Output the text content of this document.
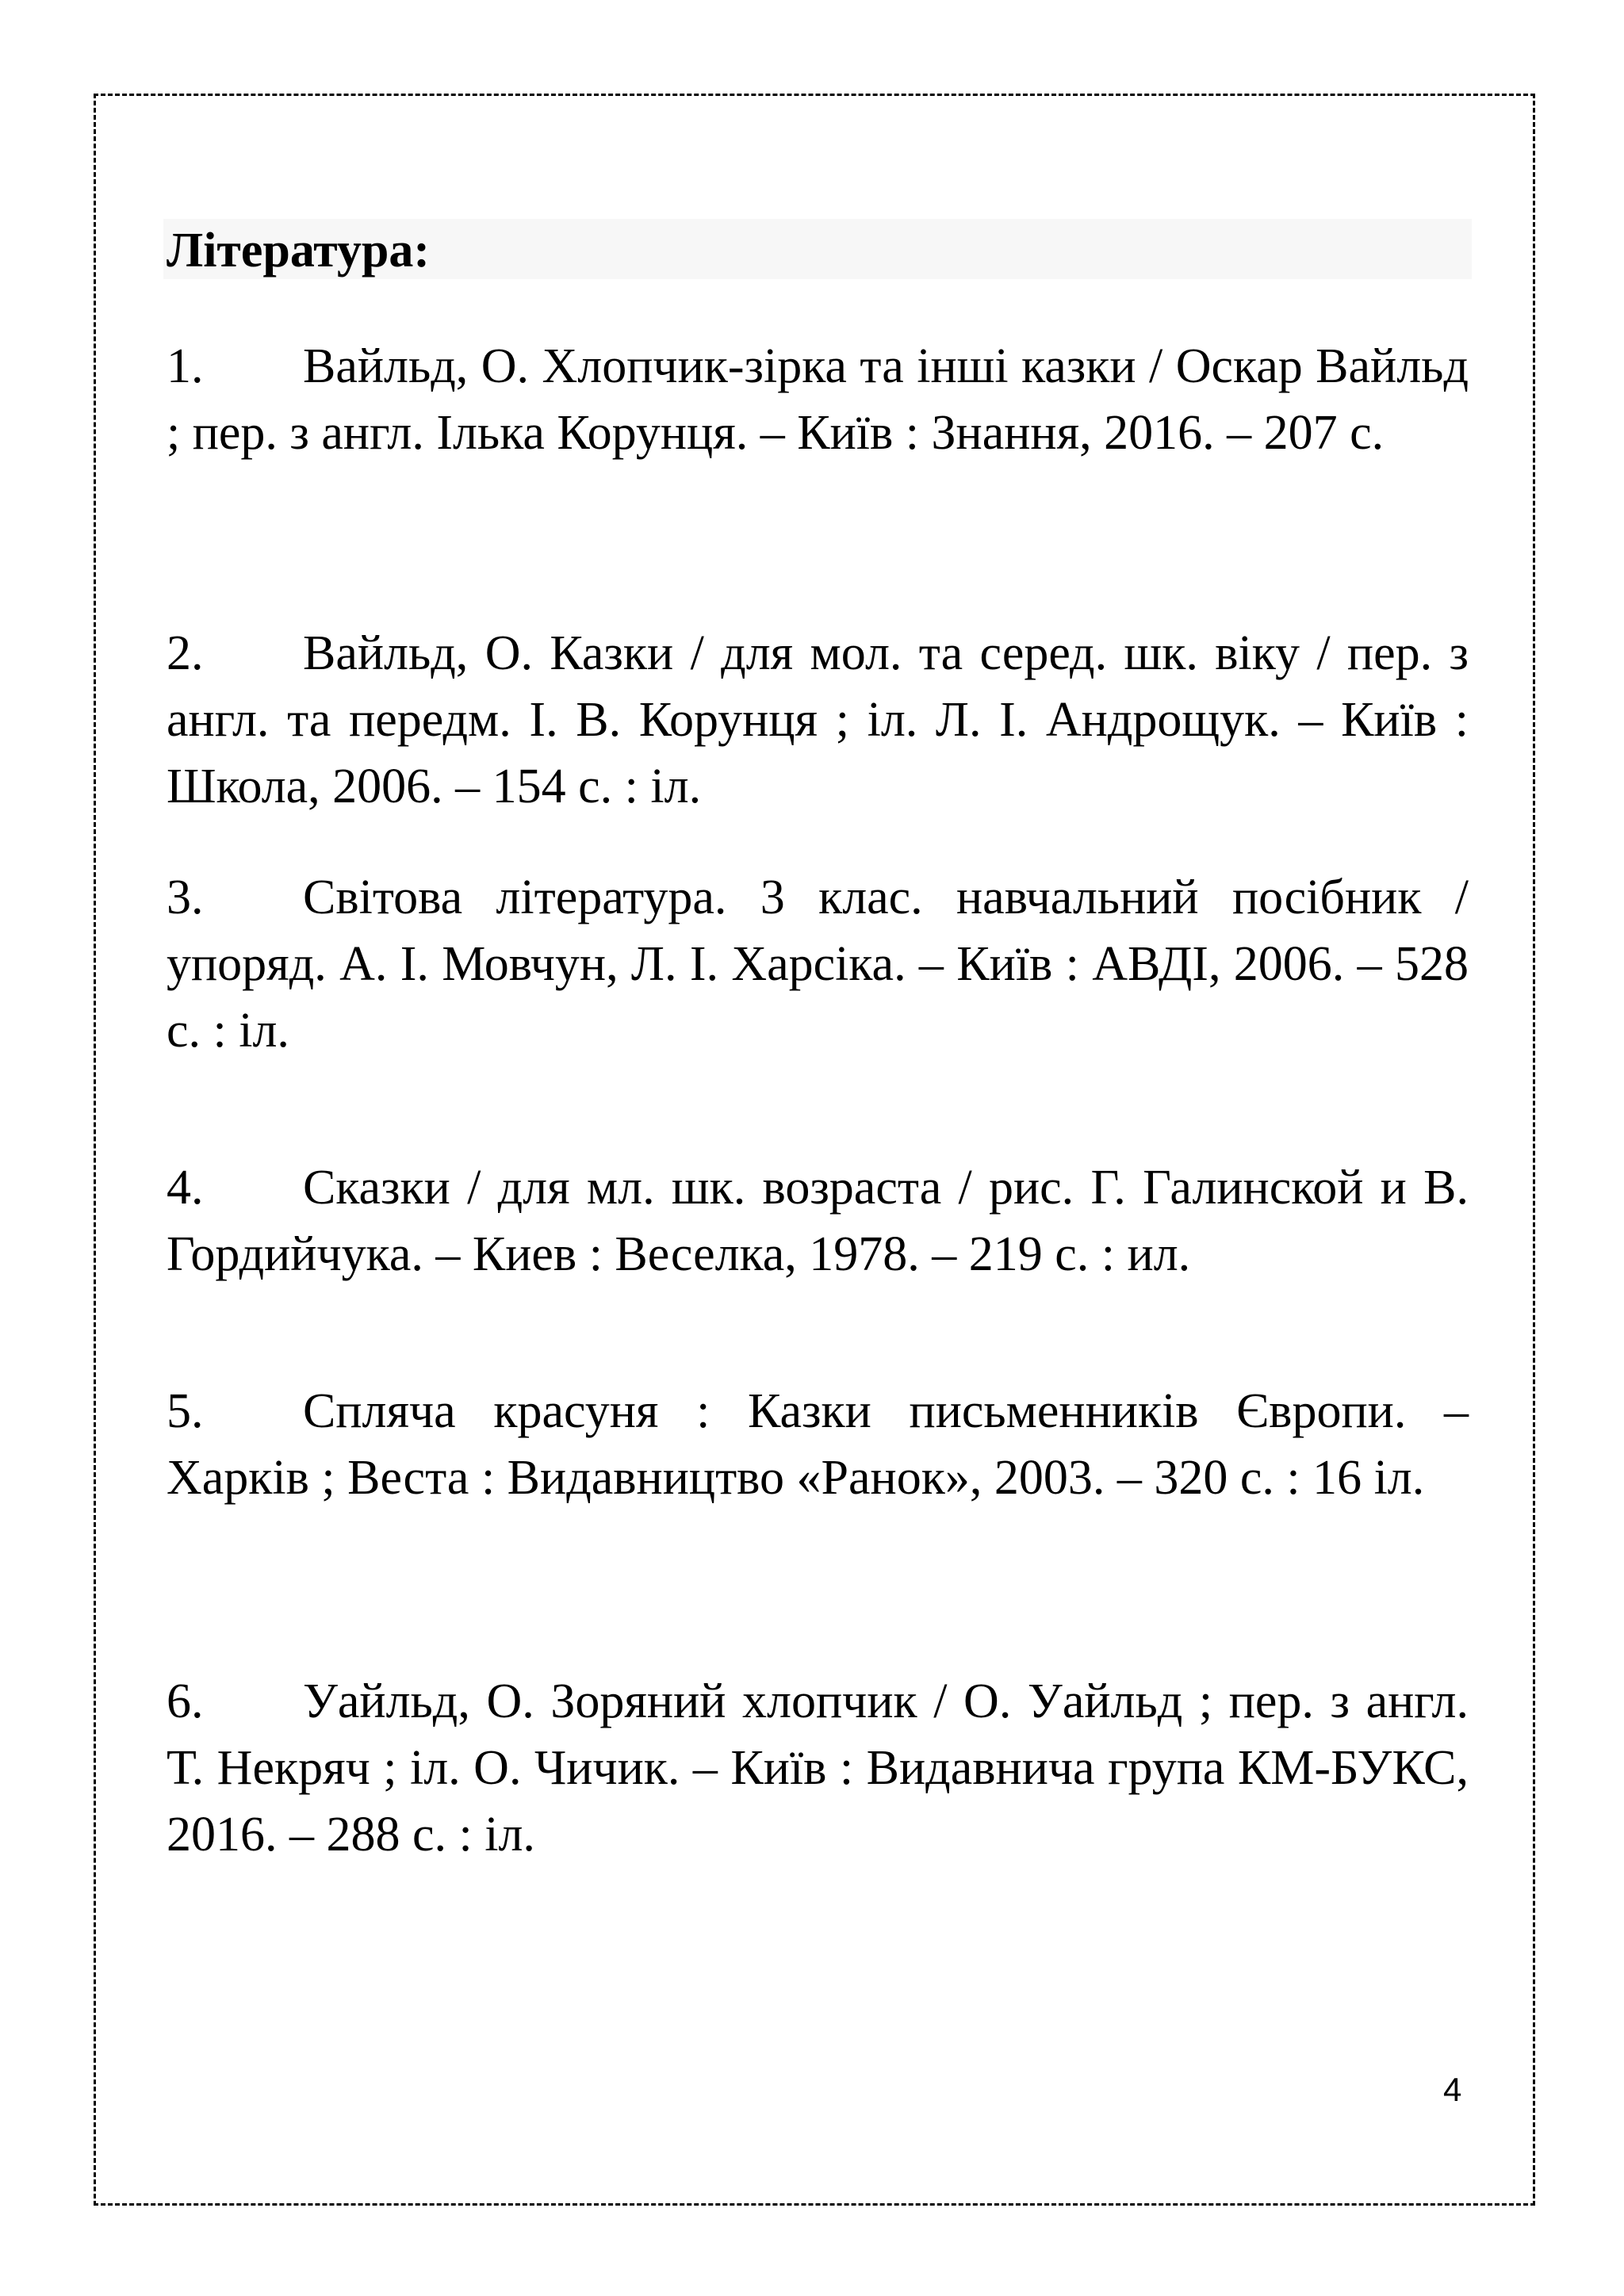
Література:

1. Вайльд, О. Хлопчик-зірка та інші казки / Оскар Вайльд ; пер. з англ. Ілька Корунця. – Київ : Знання, 2016. – 207 с.

2. Вайльд, О. Казки / для мол. та серед. шк. віку / пер. з англ. та передм. І. В. Корунця ; іл. Л. І. Андрощук. – Київ : Школа, 2006. – 154 с. : іл.

3. Світова література. 3 клас. навчальний посібник / упоряд. А. І. Мовчун, Л. І. Харсіка. – Київ : АВДІ, 2006. – 528 с. : іл.

4. Сказки / для мл. шк. возраста / рис. Г. Галинской и В. Гордийчука. – Киев : Веселка, 1978. – 219 с. : ил.

5. Спляча красуня : Казки письменників Європи. – Харків ; Веста : Видавництво «Ранок», 2003. – 320 с. : 16 іл.

6. Уайльд, О. Зоряний хлопчик / О. Уайльд ; пер. з англ. Т. Некряч ; іл. О. Чичик. – Київ : Видавнича група КМ-БУКС, 2016. – 288 с. : іл.

4
